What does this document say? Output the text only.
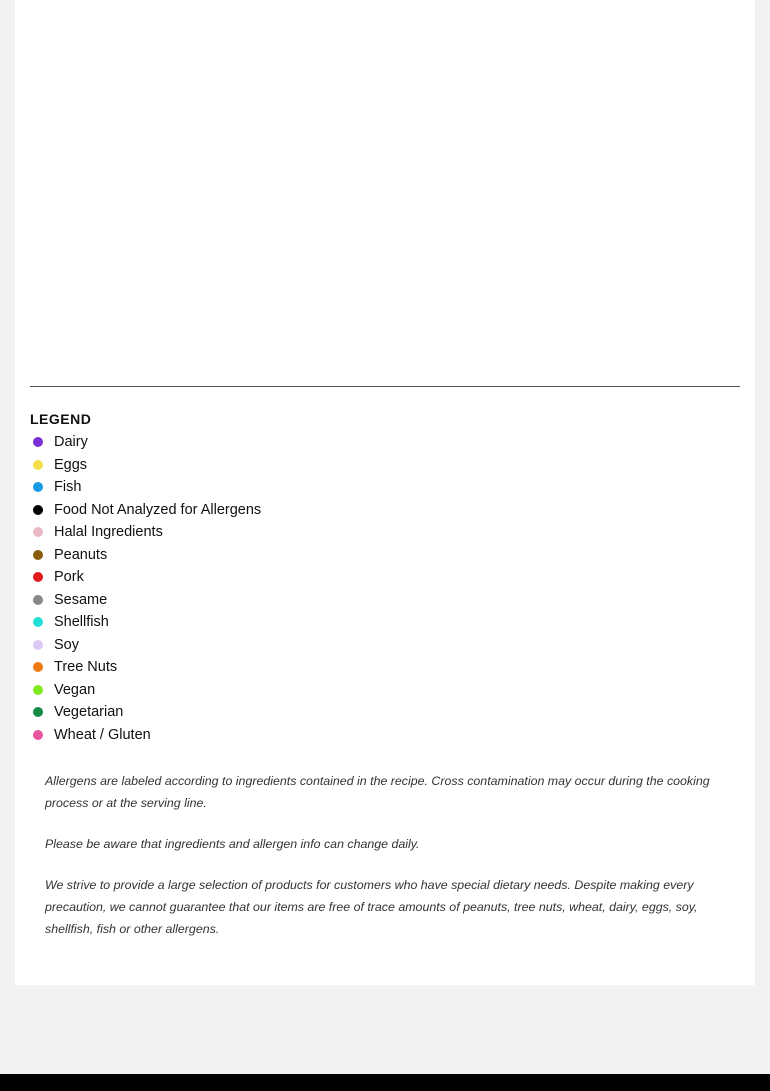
LEGEND
Dairy
Eggs
Fish
Food Not Analyzed for Allergens
Halal Ingredients
Peanuts
Pork
Sesame
Shellfish
Soy
Tree Nuts
Vegan
Vegetarian
Wheat / Gluten

Allergens are labeled according to ingredients contained in the recipe. Cross contamination may occur during the cooking process or at the serving line.

Please be aware that ingredients and allergen info can change daily.

We strive to provide a large selection of products for customers who have special dietary needs. Despite making every precaution, we cannot guarantee that our items are free of trace amounts of peanuts, tree nuts, wheat, dairy, eggs, soy, shellfish, fish or other allergens.
